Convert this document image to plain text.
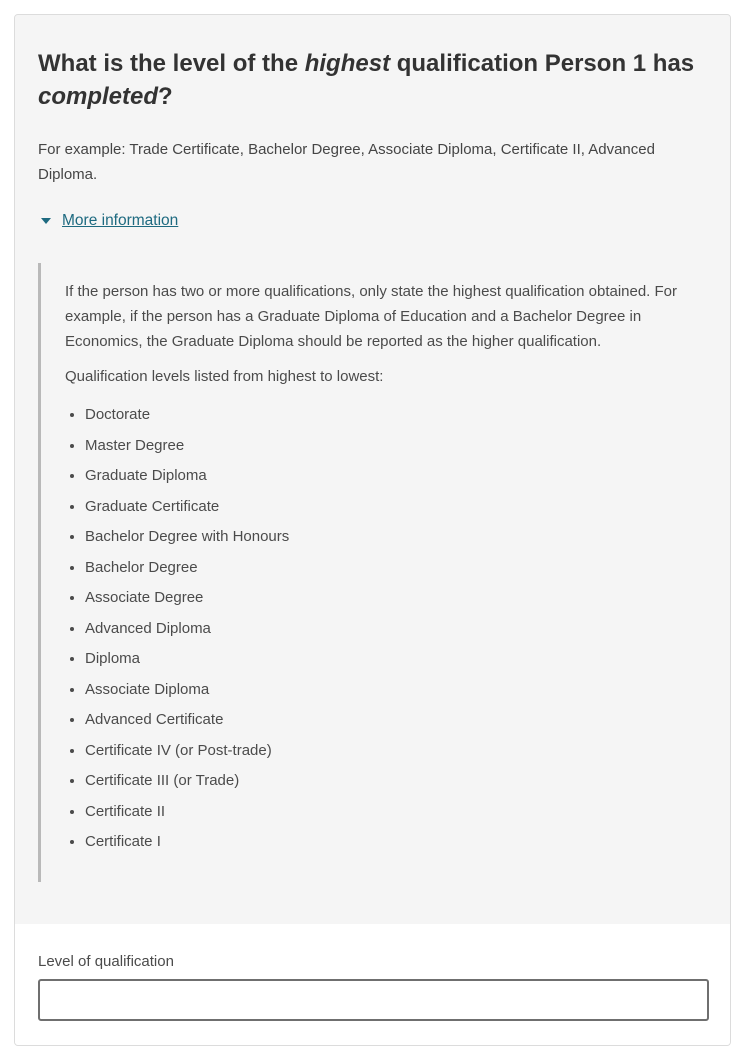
What is the level of the highest qualification Person 1 has completed?

For example: Trade Certificate, Bachelor Degree, Associate Diploma, Certificate II, Advanced Diploma.

More information

If the person has two or more qualifications, only state the highest qualification obtained. For example, if the person has a Graduate Diploma of Education and a Bachelor Degree in Economics, the Graduate Diploma should be reported as the higher qualification.

Qualification levels listed from highest to lowest:

• Doctorate
• Master Degree
• Graduate Diploma
• Graduate Certificate
• Bachelor Degree with Honours
• Bachelor Degree
• Associate Degree
• Advanced Diploma
• Diploma
• Associate Diploma
• Advanced Certificate
• Certificate IV (or Post-trade)
• Certificate III (or Trade)
• Certificate II
• Certificate I
Level of qualification
